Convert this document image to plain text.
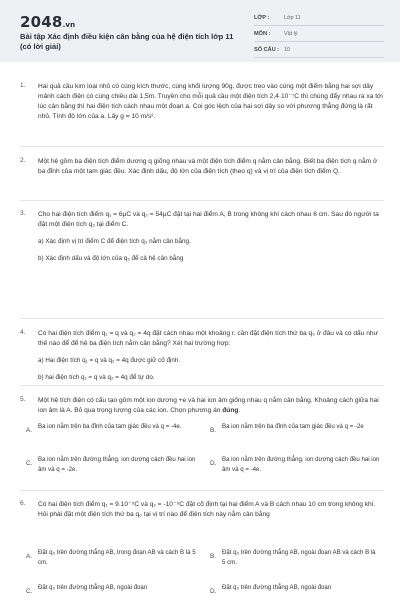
2048.vn
Bài tập Xác định điều kiện cân bằng của hệ điện tích lớp 11 (có lời giải)
LỚP :	Lớp 11
MÔN :	Vật lý
SỐ CÂU : 10
1. Hai quả cầu kim loại nhỏ có cùng kích thước, cùng khối lượng 90g, được treo vào cùng một điểm bằng hai sợi dây mảnh cách điện có cùng chiều dài 1,5m. Truyền cho mỗi quả cầu một điện tích 2,4·10⁻⁷C thì chúng đẩy nhau ra xa tới lúc cân bằng thì hai điện tích cách nhau một đoạn a. Coi góc lệch của hai sợi dây so với phương thẳng đứng là rất nhỏ. Tính độ lớn của a. Lấy g = 10 m/s².
2. Một hệ gồm ba điện tích điểm dương q giống nhau và một điện tích điểm q nằm cân bằng. Biết ba điện tích q nằm ở ba đỉnh của một tam giác đều. Xác định dấu, độ lớn của điện tích (theo q) và vị trí của điện tích điểm Q.
3. Cho hai điện tích điểm q₁ = 6μC và q₂ = 54μC đặt tại hai điểm A, B trong không khí cách nhau 6 cm. Sau đó người ta đặt một điện tích q₃ tại điểm C.
a) Xác định vị trí điểm C để điện tích q₃ nằm cân bằng.
b) Xác định dấu và độ lớn của q₃ để cả hệ cân bằng
4. Có hai điện tích điểm q₁ = q và q₂ = 4q đặt cách nhau một khoảng r. cần đặt điện tích thứ ba q₀ ở đâu và có dấu như thế nào để để hệ ba điện tích nằm cân bằng? Xét hai trường hợp:
a) Hai điện tích q₁ = q và q₂ = 4q được giữ cố định.
b) hai điện tích q₁ = q và q₂ = 4q để tự do.
5. Một hệ tích điện có cấu tạo gồm một ion dương +e và hai ion âm giống nhau q nằm cân bằng. Khoảng cách giữa hai ion âm là A. Bỏ qua trọng lượng của các ion. Chọn phương án đúng.
A.
Ba ion nằm trên ba đỉnh của tam giác đều và q = -4e.
B.
Ba ion nằm trên ba đỉnh của tam giác đều và q = -2e
C.
Ba ion nằm trên đường thẳng, ion dương cách đều hai ion âm và q = -2e.
D.
Ba ion nằm trên đường thẳng, ion dương cách đều hai ion âm và q = -4e.
6. Có hai điện tích điểm q₁ = 9.10⁻⁹C và q₂ = -10⁻⁹C đặt cố định tại hai điểm A và B cách nhau 10 cm trong không khí. Hỏi phải đặt một điện tích thứ ba q₀ tại vị trí nào để điện tích này nằm cân bằng
A.
Đặt q₀ trên đường thẳng AB, trong đoạn AB và cách B là 5 cm.
B.
Đặt q₀ trên đường thẳng AB, ngoài đoạn AB và cách B là 5 cm.
C.
Đặt q₀ trên đường thẳng AB, ngoài đoạn
D.
Đặt q₀ trên đường thẳng AB, ngoài đoạn
